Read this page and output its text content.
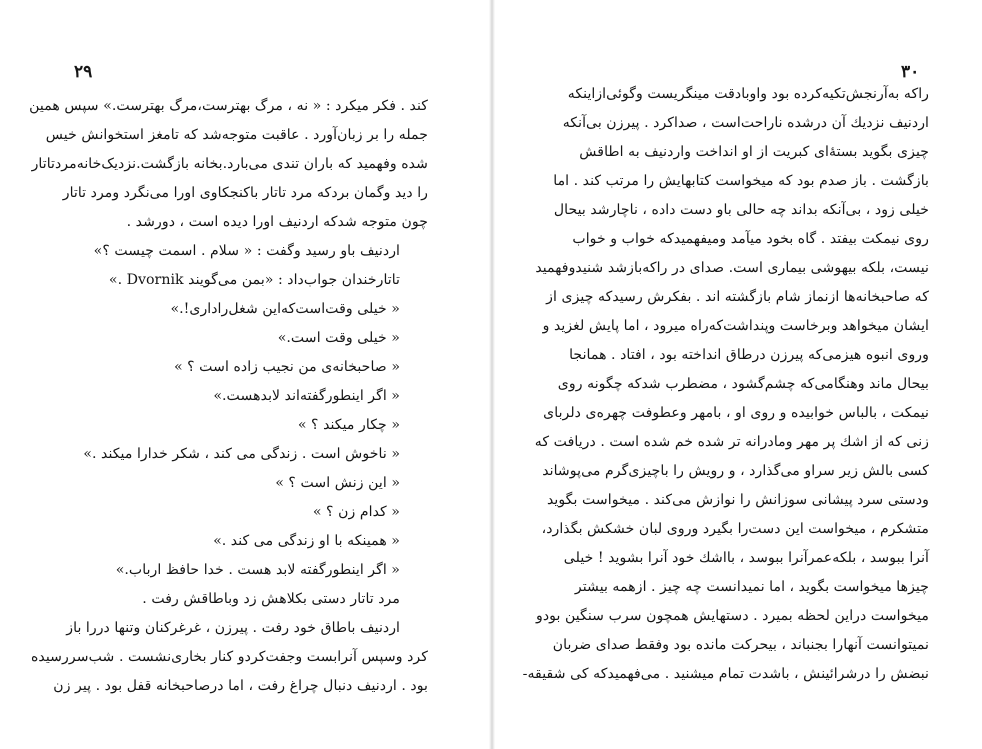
۲۹
کند . فکر میکرد : « نه ، مرگ بهترست،مرگ بهترست.» سپس همین
جمله را بر زبان‌آورد . عاقبت متوجه‌شد که تامغز استخوانش خیس
شده وفهمید که باران تندی می‌بارد.بخانه بازگشت.نزدیک‌خانه‌مردتاتار
را دید وگمان بردکه مرد تاتار باکنجکاوی اورا می‌نگرد ومرد تاتار
چون متوجه شدکه اردنیف اورا دیده است ، دورشد .
اردنیف باو رسید وگفت : « سلام . اسمت چیست ؟»
تاتارخندان جواب‌داد : «بمن می‌گویند Dvornik .»
« خیلی وقت‌است‌که‌این شغل‌راداری!.»
« خیلی وقت است.»
« صاحبخانه‌ی من نجیب زاده است ؟ »
« اگر اینطورگفته‌اند لابدهست.»
« چکار میکند ؟ »
« ناخوش است . زندگی می کند ، شکر خدارا میکند .»
« این زنش است ؟ »
« کدام زن ؟ »
« همینکه با او زندگی می کند .»
« اگر اینطورگفته لابد هست . خدا حافظ ارباب.»
مرد تاتار دستی بکلاهش زد وباطاقش رفت .
اردنیف باطاق خود رفت . پیرزن ، غرغرکنان وتنها دررا باز
کرد وسپس آنرابست وجفت‌کردو کنار بخاری‌نشست . شب‌سررسیده
بود . اردنیف دنبال چراغ رفت ، اما درصاحبخانه قفل بود . پیر زن
۳۰
راکه به‌آرنجش‌تکیه‌کرده بود واوبادقت مینگریست وگوئی‌ازاینکه
اردنیف نزدیك آن درشده ناراحت‌است ، صداکرد . پیرزن بی‌آنکه
چیزی بگوید بستهٔ‌ای کبریت از او انداخت واردنیف به اطاقش
بازگشت . باز صدم بود که میخواست کتابهایش را مرتب کند . اما
خیلی زود ، بی‌آنکه بداند چه حالی باو دست داده ، ناچارشد بیحال
روی نیمکت بیفتد . گاه بخود میآمد ومیفهمیدکه خواب و خواب
نیست، بلکه بیهوشی بیماری است. صدای در راکه‌بازشد شنیدوفهمید
که صاحبخانه‌ها ازنماز شام بازگشته اند . بفکرش رسیدکه چیزی از
ایشان میخواهد وبرخاست وپنداشت‌که‌راه میرود ، اما پایش لغزید و
وروی انبوه هیزمی‌که پیرزن درطاق انداخته بود ، افتاد . همانجا
بیحال ماند وهنگامی‌که چشم‌گشود ، مضطرب شدکه چگونه روی
نیمکت ، بالباس خوابیده و روی او ، بامهر وعطوفت چهره‌ی دلربای
زنی که از اشك پر مهر ومادرانه تر شده خم شده است . دریافت که
کسی بالش زیر سراو می‌گذارد ، و رویش را باچیزی‌گرم می‌پوشاند
ودستی سرد پیشانی سوزانش را نوازش می‌کند . میخواست بگوید
متشکرم ، میخواست این دست‌را بگیرد وروی لبان خشکش بگذارد،
آنرا ببوسد ، بلکه‌عمر‌آنرا ببوسد ، بااشك خود آنرا بشوید ! خیلی
چیزها میخواست بگوید ، اما نمیدانست چه چیز . ازهمه بیشتر
میخواست دراین لحظه بمیرد . دستهایش همچون سرب سنگین بودو
نمیتوانست آنهارا بجنباند ، بیحرکت مانده بود وفقط صدای ضربان
نبضش را درشرائینش ، باشدت تمام میشنید . می‌فهمیدکه کی شقیقه-
